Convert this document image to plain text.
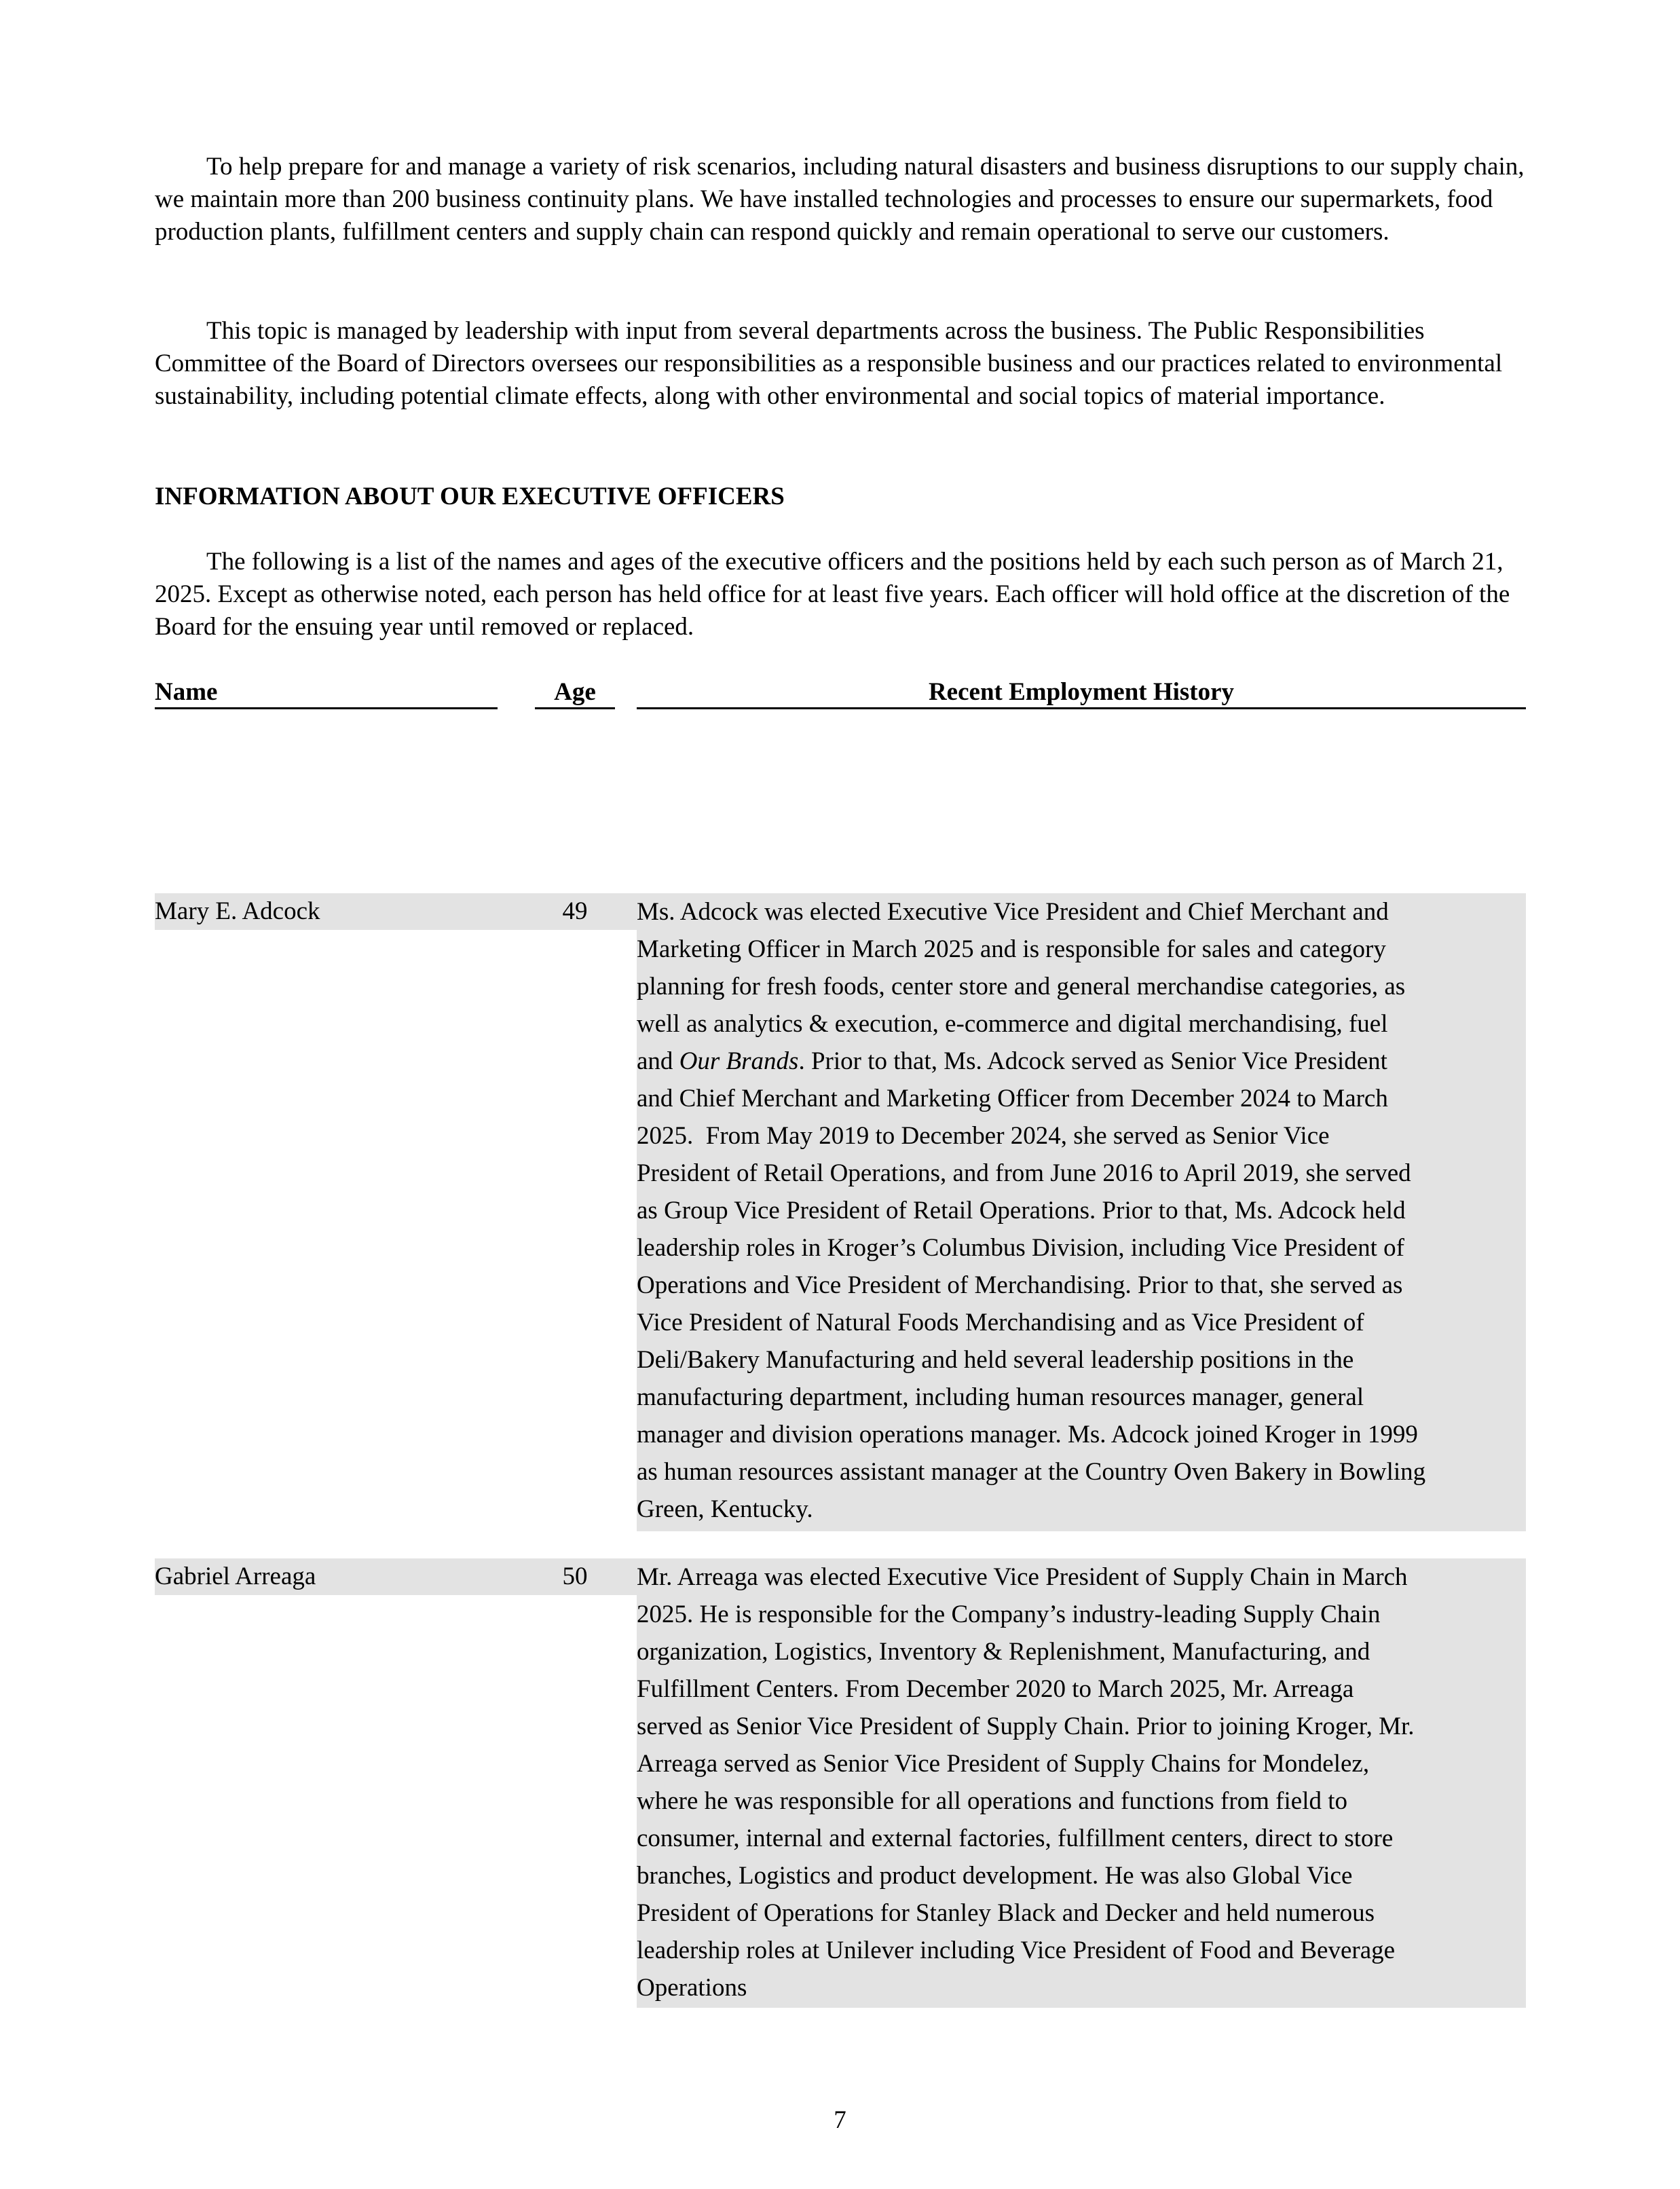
To help prepare for and manage a variety of risk scenarios, including natural disasters and business disruptions to our supply chain, we maintain more than 200 business continuity plans. We have installed technologies and processes to ensure our supermarkets, food production plants, fulfillment centers and supply chain can respond quickly and remain operational to serve our customers.

This topic is managed by leadership with input from several departments across the business. The Public Responsibilities Committee of the Board of Directors oversees our responsibilities as a responsible business and our practices related to environmental sustainability, including potential climate effects, along with other environmental and social topics of material importance.

INFORMATION ABOUT OUR EXECUTIVE OFFICERS

The following is a list of the names and ages of the executive officers and the positions held by each such person as of March 21, 2025. Except as otherwise noted, each person has held office for at least five years. Each officer will hold office at the discretion of the Board for the ensuing year until removed or replaced.

Name	Age	Recent Employment History
Mary E. Adcock	49	Ms. Adcock was elected Executive Vice President and Chief Merchant and
Marketing Officer in March 2025 and is responsible for sales and category
planning for fresh foods, center store and general merchandise categories, as
well as analytics & execution, e-commerce and digital merchandising, fuel
and Our Brands. Prior to that, Ms. Adcock served as Senior Vice President
and Chief Merchant and Marketing Officer from December 2024 to March
2025.  From May 2019 to December 2024, she served as Senior Vice
President of Retail Operations, and from June 2016 to April 2019, she served
as Group Vice President of Retail Operations. Prior to that, Ms. Adcock held
leadership roles in Kroger’s Columbus Division, including Vice President of
Operations and Vice President of Merchandising. Prior to that, she served as
Vice President of Natural Foods Merchandising and as Vice President of
Deli/Bakery Manufacturing and held several leadership positions in the
manufacturing department, including human resources manager, general
manager and division operations manager. Ms. Adcock joined Kroger in 1999
as human resources assistant manager at the Country Oven Bakery in Bowling
Green, Kentucky.
Gabriel Arreaga	50	Mr. Arreaga was elected Executive Vice President of Supply Chain in March
2025. He is responsible for the Company’s industry-leading Supply Chain
organization, Logistics, Inventory & Replenishment, Manufacturing, and
Fulfillment Centers. From December 2020 to March 2025, Mr. Arreaga
served as Senior Vice President of Supply Chain. Prior to joining Kroger, Mr.
Arreaga served as Senior Vice President of Supply Chains for Mondelez,
where he was responsible for all operations and functions from field to
consumer, internal and external factories, fulfillment centers, direct to store
branches, Logistics and product development. He was also Global Vice
President of Operations for Stanley Black and Decker and held numerous
leadership roles at Unilever including Vice President of Food and Beverage
Operations
7
